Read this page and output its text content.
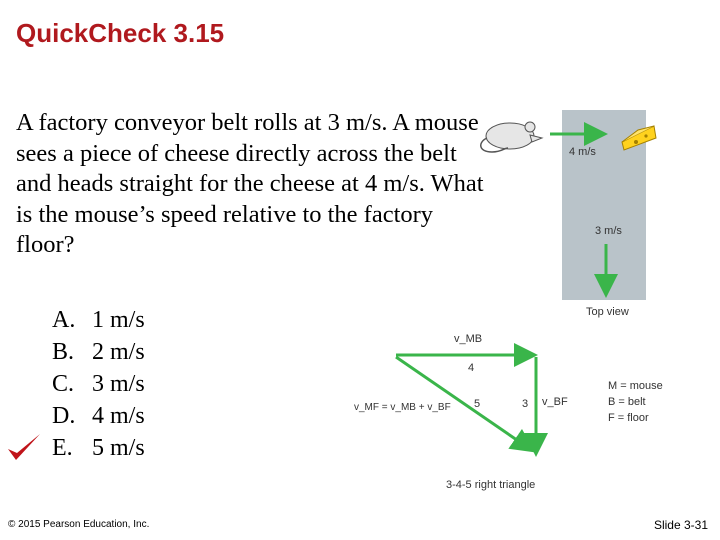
QuickCheck 3.15
A factory conveyor belt rolls at 3 m/s. A mouse sees a piece of cheese directly across the belt and heads straight for the cheese at 4 m/s. What is the mouse’s speed relative to the factory floor?
A. 1 m/s
B. 2 m/s
C. 3 m/s
D. 4 m/s
E. 5 m/s
4 m/s
3 m/s
Top view
v_MB
4
5	3 v_BF
v_MF = v_MB + v_BF
M = mouse
B = belt
F = floor
3-4-5 right triangle
© 2015 Pearson Education, Inc.	Slide 3-31
